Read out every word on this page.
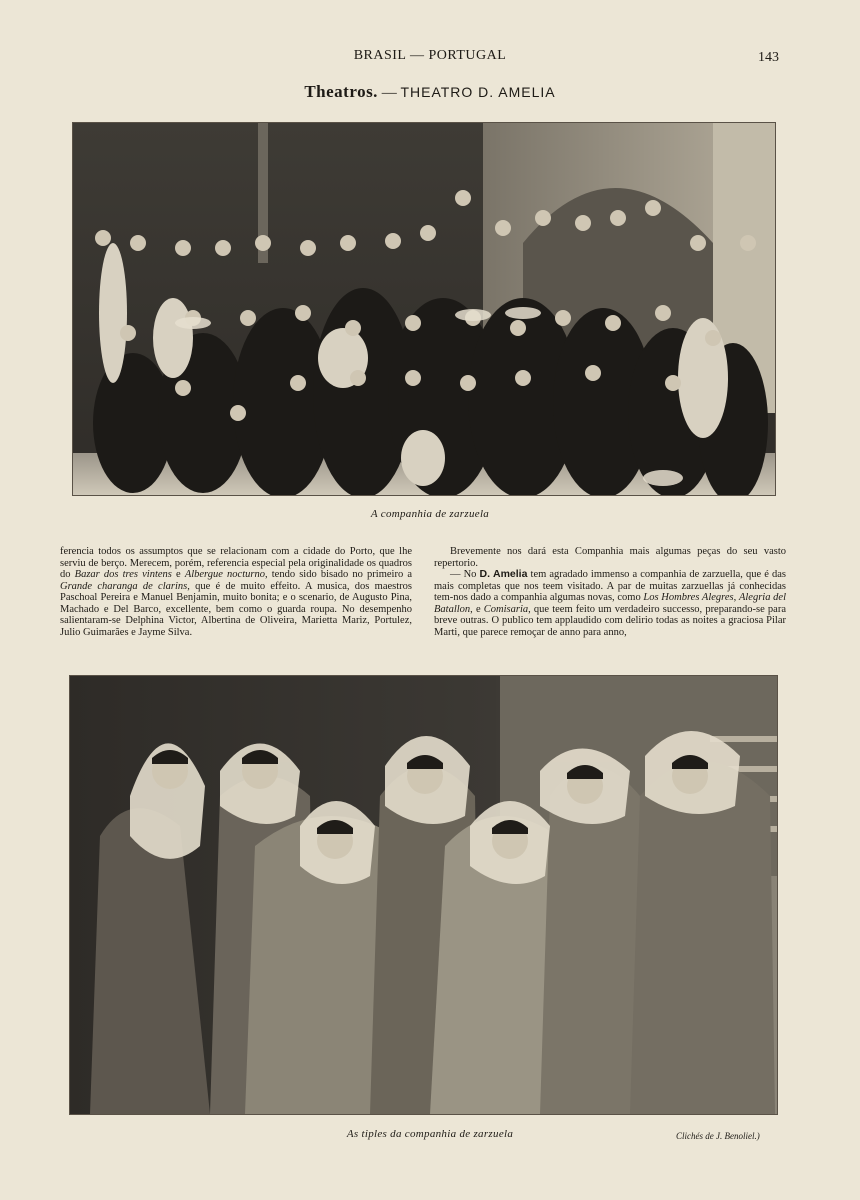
BRASIL — PORTUGAL	143
Theatros. — THEATRO D. AMELIA
A companhia de zarzuela

ferencia todos os assumptos que se relacionam com a cidade do Porto, que lhe serviu de berço. Merecem, porém, referencia especial pela originalidade os quadros do Bazar dos tres vintens e Albergue nocturno, tendo sido bisado no primeiro a Grande charanga de clarins, que é de muito effeito. A musica, dos maestros Paschoal Pereira e Manuel Benjamin, muito bonita; e o scenario, de Augusto Pina, Machado e Del Barco, excellente, bem como o guarda roupa. No desempenho salientaram-se Delphina Victor, Albertina de Oliveira, Marietta Mariz, Portulez, Julio Guimarães e Jayme Silva.

Brevemente nos dará esta Companhia mais algumas peças do seu vasto repertorio.

— No D. Amelia tem agradado immenso a companhia de zarzuella, que é das mais completas que nos teem visitado. A par de muitas zarzuellas já conhecidas tem-nos dado a companhia algumas novas, como Los Hombres Alegres, Alegria del Batallon, e Comisaria, que teem feito um verdadeiro successo, preparando-se para breve outras. O publico tem applaudido com delirio todas as noites a graciosa Pilar Marti, que parece remoçar de anno para anno,

As tiples da companhia de zarzuela	Clichés de J. Benoliel.)
